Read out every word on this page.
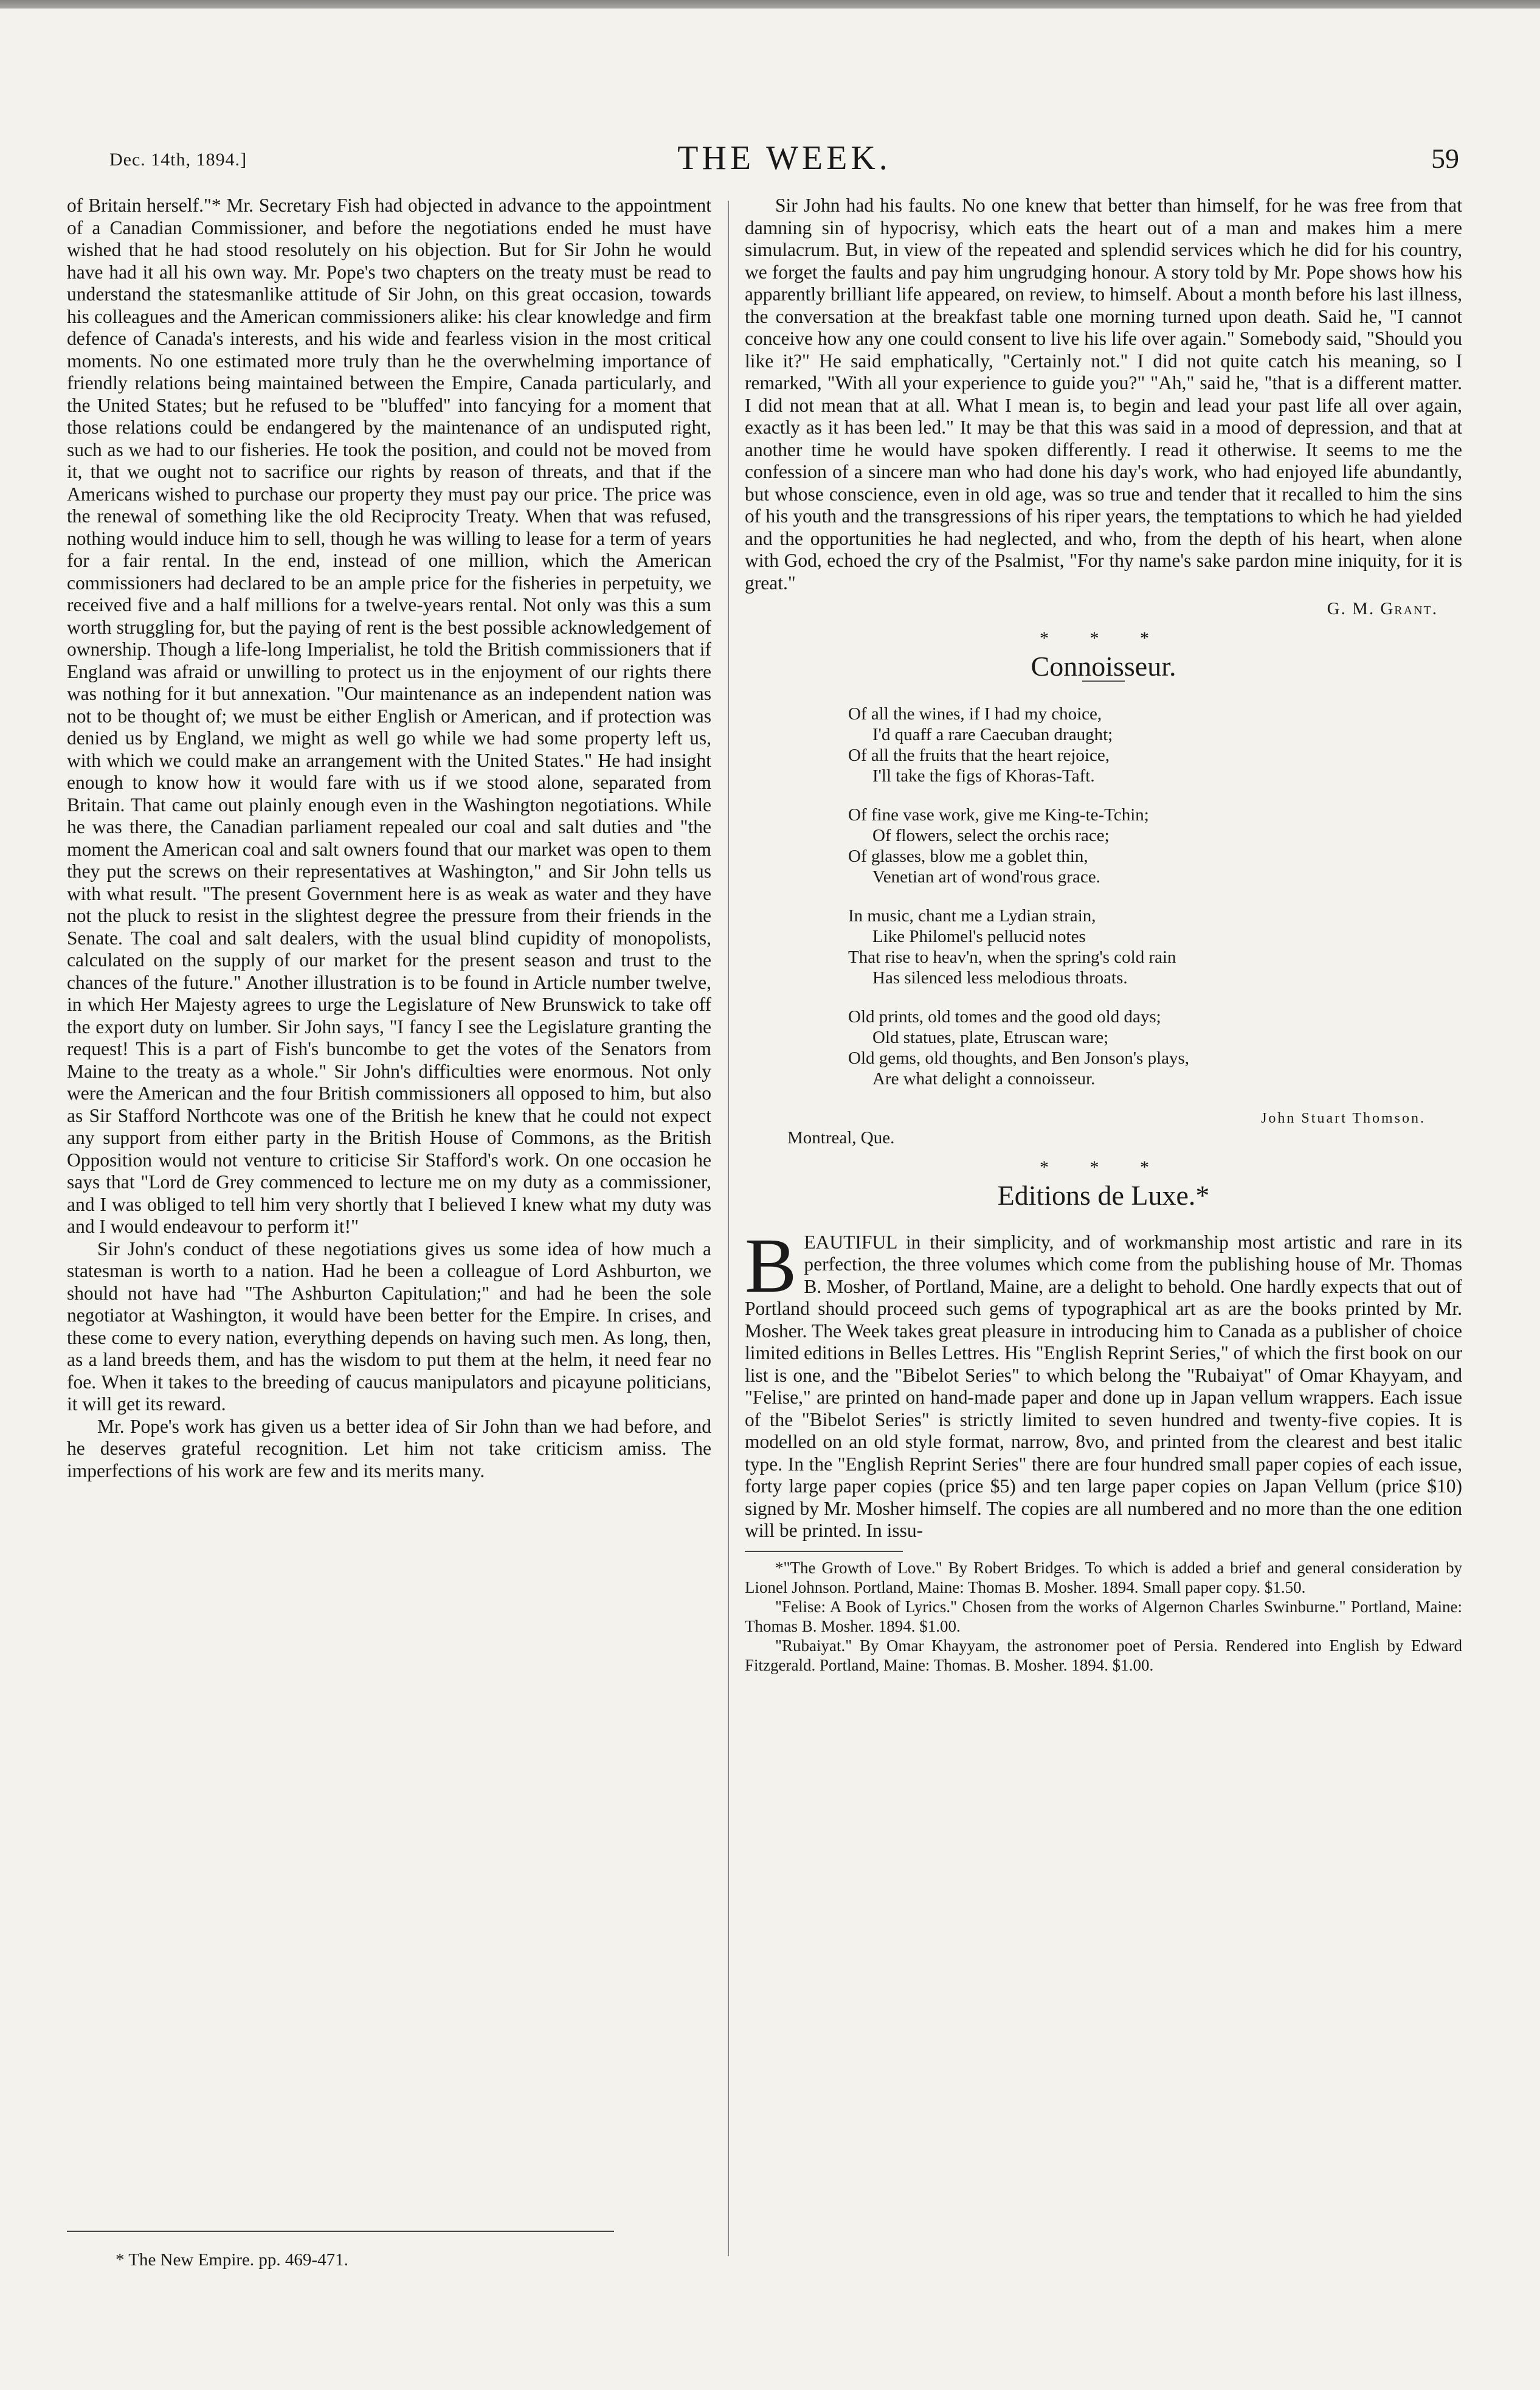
Dec. 14th, 1894.]	THE WEEK.	59

of Britain herself."* Mr. Secretary Fish had objected in advance to the appointment of a Canadian Commissioner, and before the negotiations ended he must have wished that he had stood resolutely on his objection. But for Sir John he would have had it all his own way. Mr. Pope's two chapters on the treaty must be read to understand the statesmanlike attitude of Sir John, on this great occasion, towards his colleagues and the American commissioners alike: his clear knowledge and firm defence of Canada's interests, and his wide and fearless vision in the most critical moments. No one estimated more truly than he the overwhelming importance of friendly relations being maintained between the Empire, Canada particularly, and the United States; but he refused to be "bluffed" into fancying for a moment that those relations could be endangered by the maintenance of an undisputed right, such as we had to our fisheries. He took the position, and could not be moved from it, that we ought not to sacrifice our rights by reason of threats, and that if the Americans wished to purchase our property they must pay our price. The price was the renewal of something like the old Reciprocity Treaty. When that was refused, nothing would induce him to sell, though he was willing to lease for a term of years for a fair rental. In the end, instead of one million, which the American commissioners had declared to be an ample price for the fisheries in perpetuity, we received five and a half millions for a twelve-years rental. Not only was this a sum worth struggling for, but the paying of rent is the best possible acknowledgement of ownership. Though a life-long Imperialist, he told the British commissioners that if England was afraid or unwilling to protect us in the enjoyment of our rights there was nothing for it but annexation. "Our maintenance as an independent nation was not to be thought of; we must be either English or American, and if protection was denied us by England, we might as well go while we had some property left us, with which we could make an arrangement with the United States." He had insight enough to know how it would fare with us if we stood alone, separated from Britain. That came out plainly enough even in the Washington negotiations. While he was there, the Canadian parliament repealed our coal and salt duties and "the moment the American coal and salt owners found that our market was open to them they put the screws on their representatives at Washington," and Sir John tells us with what result. "The present Government here is as weak as water and they have not the pluck to resist in the slightest degree the pressure from their friends in the Senate. The coal and salt dealers, with the usual blind cupidity of monopolists, calculated on the supply of our market for the present season and trust to the chances of the future." Another illustration is to be found in Article number twelve, in which Her Majesty agrees to urge the Legislature of New Brunswick to take off the export duty on lumber. Sir John says, "I fancy I see the Legislature granting the request! This is a part of Fish's buncombe to get the votes of the Senators from Maine to the treaty as a whole." Sir John's difficulties were enormous. Not only were the American and the four British commissioners all opposed to him, but also as Sir Stafford Northcote was one of the British he knew that he could not expect any support from either party in the British House of Commons, as the British Opposition would not venture to criticise Sir Stafford's work. On one occasion he says that "Lord de Grey commenced to lecture me on my duty as a commissioner, and I was obliged to tell him very shortly that I believed I knew what my duty was and I would endeavour to perform it!"

Sir John's conduct of these negotiations gives us some idea of how much a statesman is worth to a nation. Had he been a colleague of Lord Ashburton, we should not have had "The Ashburton Capitulation;" and had he been the sole negotiator at Washington, it would have been better for the Empire. In crises, and these come to every nation, everything depends on having such men. As long, then, as a land breeds them, and has the wisdom to put them at the helm, it need fear no foe. When it takes to the breeding of caucus manipulators and picayune politicians, it will get its reward.

Mr. Pope's work has given us a better idea of Sir John than we had before, and he deserves grateful recognition. Let him not take criticism amiss. The imperfections of his work are few and its merits many.

* The New Empire. pp. 469-471.

Sir John had his faults. No one knew that better than himself, for he was free from that damning sin of hypocrisy, which eats the heart out of a man and makes him a mere simulacrum. But, in view of the repeated and splendid services which he did for his country, we forget the faults and pay him ungrudging honour. A story told by Mr. Pope shows how his apparently brilliant life appeared, on review, to himself. About a month before his last illness, the conversation at the breakfast table one morning turned upon death. Said he, "I cannot conceive how any one could consent to live his life over again." Somebody said, "Should you like it?" He said emphatically, "Certainly not." I did not quite catch his meaning, so I remarked, "With all your experience to guide you?" "Ah," said he, "that is a different matter. I did not mean that at all. What I mean is, to begin and lead your past life all over again, exactly as it has been led." It may be that this was said in a mood of depression, and that at another time he would have spoken differently. I read it otherwise. It seems to me the confession of a sincere man who had done his day's work, who had enjoyed life abundantly, but whose conscience, even in old age, was so true and tender that it recalled to him the sins of his youth and the transgressions of his riper years, the temptations to which he had yielded and the opportunities he had neglected, and who, from the depth of his heart, when alone with God, echoed the cry of the Psalmist, "For thy name's sake pardon mine iniquity, for it is great."

G. M. Grant.
* * *
Connoisseur.
Of all the wines, if I had my choice,
I'd quaff a rare Caecuban draught;
Of all the fruits that the heart rejoice,
I'll take the figs of Khoras-Taft.
Of fine vase work, give me King-te-Tchin;
Of flowers, select the orchis race;
Of glasses, blow me a goblet thin,
Venetian art of wond'rous grace.
In music, chant me a Lydian strain,
Like Philomel's pellucid notes
That rise to heav'n, when the spring's cold rain
Has silenced less melodious throats.
Old prints, old tomes and the good old days;
Old statues, plate, Etruscan ware;
Old gems, old thoughts, and Ben Jonson's plays,
Are what delight a connoisseur.
John Stuart Thomson.
Montreal, Que.
* * *
Editions de Luxe.*

BEAUTIFUL in their simplicity, and of workmanship most artistic and rare in its perfection, the three volumes which come from the publishing house of Mr. Thomas B. Mosher, of Portland, Maine, are a delight to behold. One hardly expects that out of Portland should proceed such gems of typographical art as are the books printed by Mr. Mosher. The Week takes great pleasure in introducing him to Canada as a publisher of choice limited editions in Belles Lettres. His "English Reprint Series," of which the first book on our list is one, and the "Bibelot Series" to which belong the "Rubaiyat" of Omar Khayyam, and "Felise," are printed on hand-made paper and done up in Japan vellum wrappers. Each issue of the "Bibelot Series" is strictly limited to seven hundred and twenty-five copies. It is modelled on an old style format, narrow, 8vo, and printed from the clearest and best italic type. In the "English Reprint Series" there are four hundred small paper copies of each issue, forty large paper copies (price $5) and ten large paper copies on Japan Vellum (price $10) signed by Mr. Mosher himself. The copies are all numbered and no more than the one edition will be printed. In issu-

*"The Growth of Love." By Robert Bridges. To which is added a brief and general consideration by Lionel Johnson. Portland, Maine: Thomas B. Mosher. 1894. Small paper copy. $1.50.

"Felise: A Book of Lyrics." Chosen from the works of Algernon Charles Swinburne." Portland, Maine: Thomas B. Mosher. 1894. $1.00.

"Rubaiyat." By Omar Khayyam, the astronomer poet of Persia. Rendered into English by Edward Fitzgerald. Portland, Maine: Thomas. B. Mosher. 1894. $1.00.
